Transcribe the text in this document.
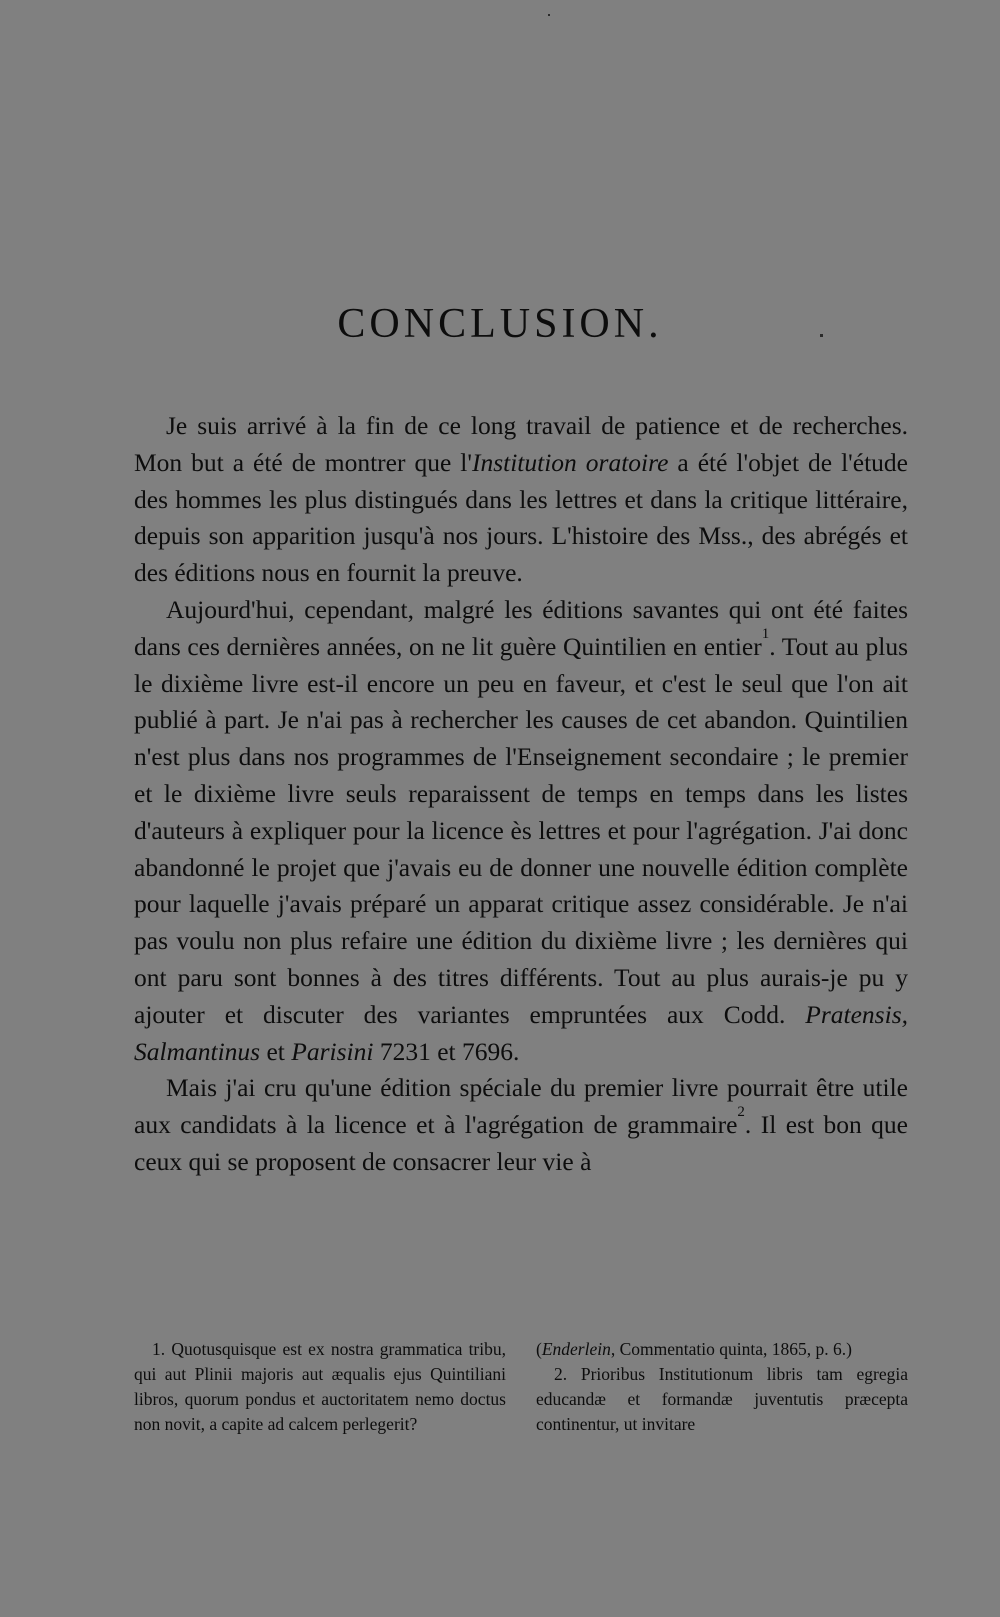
CONCLUSION.

Je suis arrivé à la fin de ce long travail de patience et de recherches. Mon but a été de montrer que l'Institution oratoire a été l'objet de l'étude des hommes les plus distingués dans les lettres et dans la critique littéraire, depuis son apparition jusqu'à nos jours. L'histoire des Mss., des abrégés et des éditions nous en fournit la preuve.

Aujourd'hui, cependant, malgré les éditions savantes qui ont été faites dans ces dernières années, on ne lit guère Quintilien en entier$^1$. Tout au plus le dixième livre est-il encore un peu en faveur, et c'est le seul que l'on ait publié à part. Je n'ai pas à rechercher les causes de cet abandon. Quintilien n'est plus dans nos programmes de l'Enseignement secondaire ; le premier et le dixième livre seuls reparaissent de temps en temps dans les listes d'auteurs à expliquer pour la licence ès lettres et pour l'agrégation. J'ai donc abandonné le projet que j'avais eu de donner une nouvelle édition complète pour laquelle j'avais préparé un apparat critique assez considérable. Je n'ai pas voulu non plus refaire une édition du dixième livre ; les dernières qui ont paru sont bonnes à des titres différents. Tout au plus aurais-je pu y ajouter et discuter des variantes empruntées aux Codd. Pratensis, Salmantinus et Parisini 7231 et 7696.

Mais j'ai cru qu'une édition spéciale du premier livre pourrait être utile aux candidats à la licence et à l'agrégation de grammaire$^2$. Il est bon que ceux qui se proposent de consacrer leur vie à

1. Quotusquisque est ex nostra grammatica tribu, qui aut Plinii majoris aut æqualis ejus Quintiliani libros, quorum pondus et auctoritatem nemo doctus non novit, a capite ad calcem perlegerit?

(Enderlein, Commentatio quinta, 1865, p. 6.)

2. Prioribus Institutionum libris tam egregia educandæ et formandæ juventutis præcepta continentur, ut invitare
